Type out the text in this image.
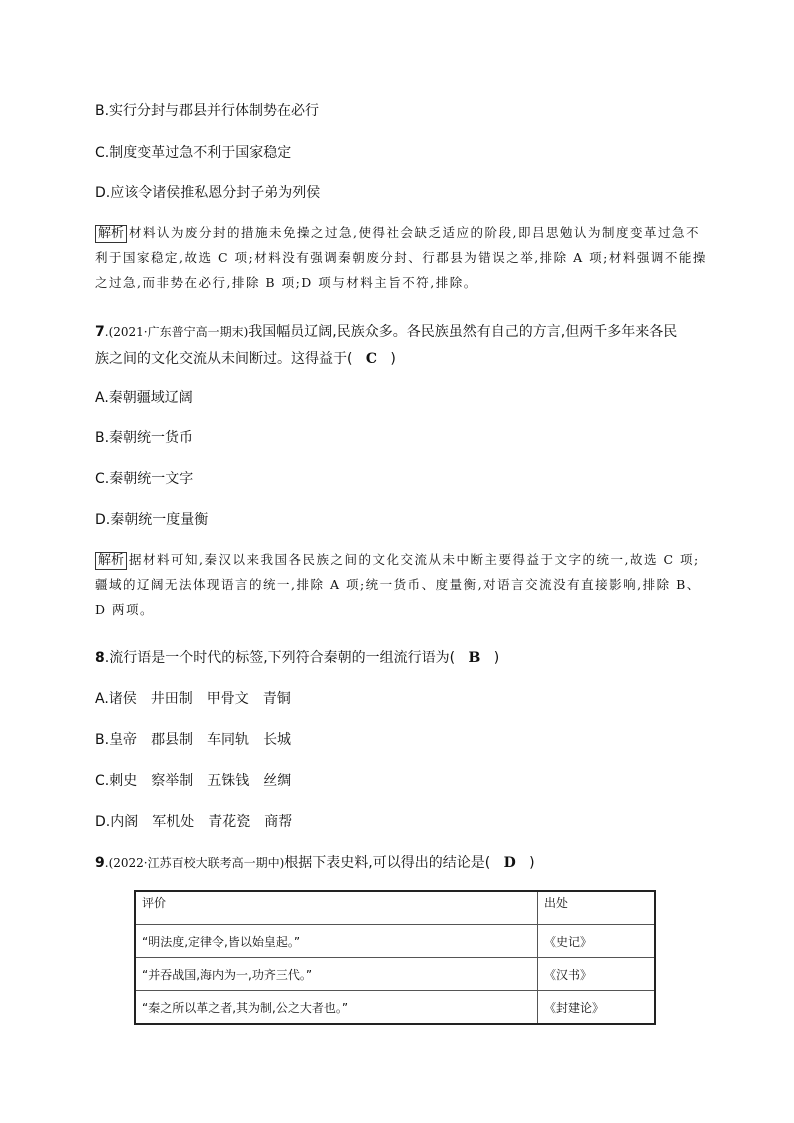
B.实行分封与郡县并行体制势在必行
C.制度变革过急不利于国家稳定
D.应该令诸侯推私恩分封子弟为列侯
解析 材料认为废分封的措施未免操之过急,使得社会缺乏适应的阶段,即吕思勉认为制度变革过急不
利于国家稳定,故选 C 项;材料没有强调秦朝废分封、行郡县为错误之举,排除 A 项;材料强调不能操
之过急,而非势在必行,排除 B 项;D 项与材料主旨不符,排除。
7.(2021·广东普宁高一期末)我国幅员辽阔,民族众多。各民族虽然有自己的方言,但两千多年来各民
族之间的文化交流从未间断过。这得益于( C )
A.秦朝疆域辽阔
B.秦朝统一货币
C.秦朝统一文字
D.秦朝统一度量衡
解析 据材料可知,秦汉以来我国各民族之间的文化交流从未中断主要得益于文字的统一,故选 C 项;
疆域的辽阔无法体现语言的统一,排除 A 项;统一货币、度量衡,对语言交流没有直接影响,排除 B、
D 两项。
8.流行语是一个时代的标签,下列符合秦朝的一组流行语为( B )
A.诸侯 井田制 甲骨文 青铜
B.皇帝 郡县制 车同轨 长城
C.刺史 察举制 五铢钱 丝绸
D.内阁 军机处 青花瓷 商帮
9.(2022·江苏百校大联考高一期中)根据下表史料,可以得出的结论是( D )
评价	出处
“明法度,定律令,皆以始皇起。”	《史记》
“并吞战国,海内为一,功齐三代。”	《汉书》
“秦之所以革之者,其为制,公之大者也。”	《封建论》
